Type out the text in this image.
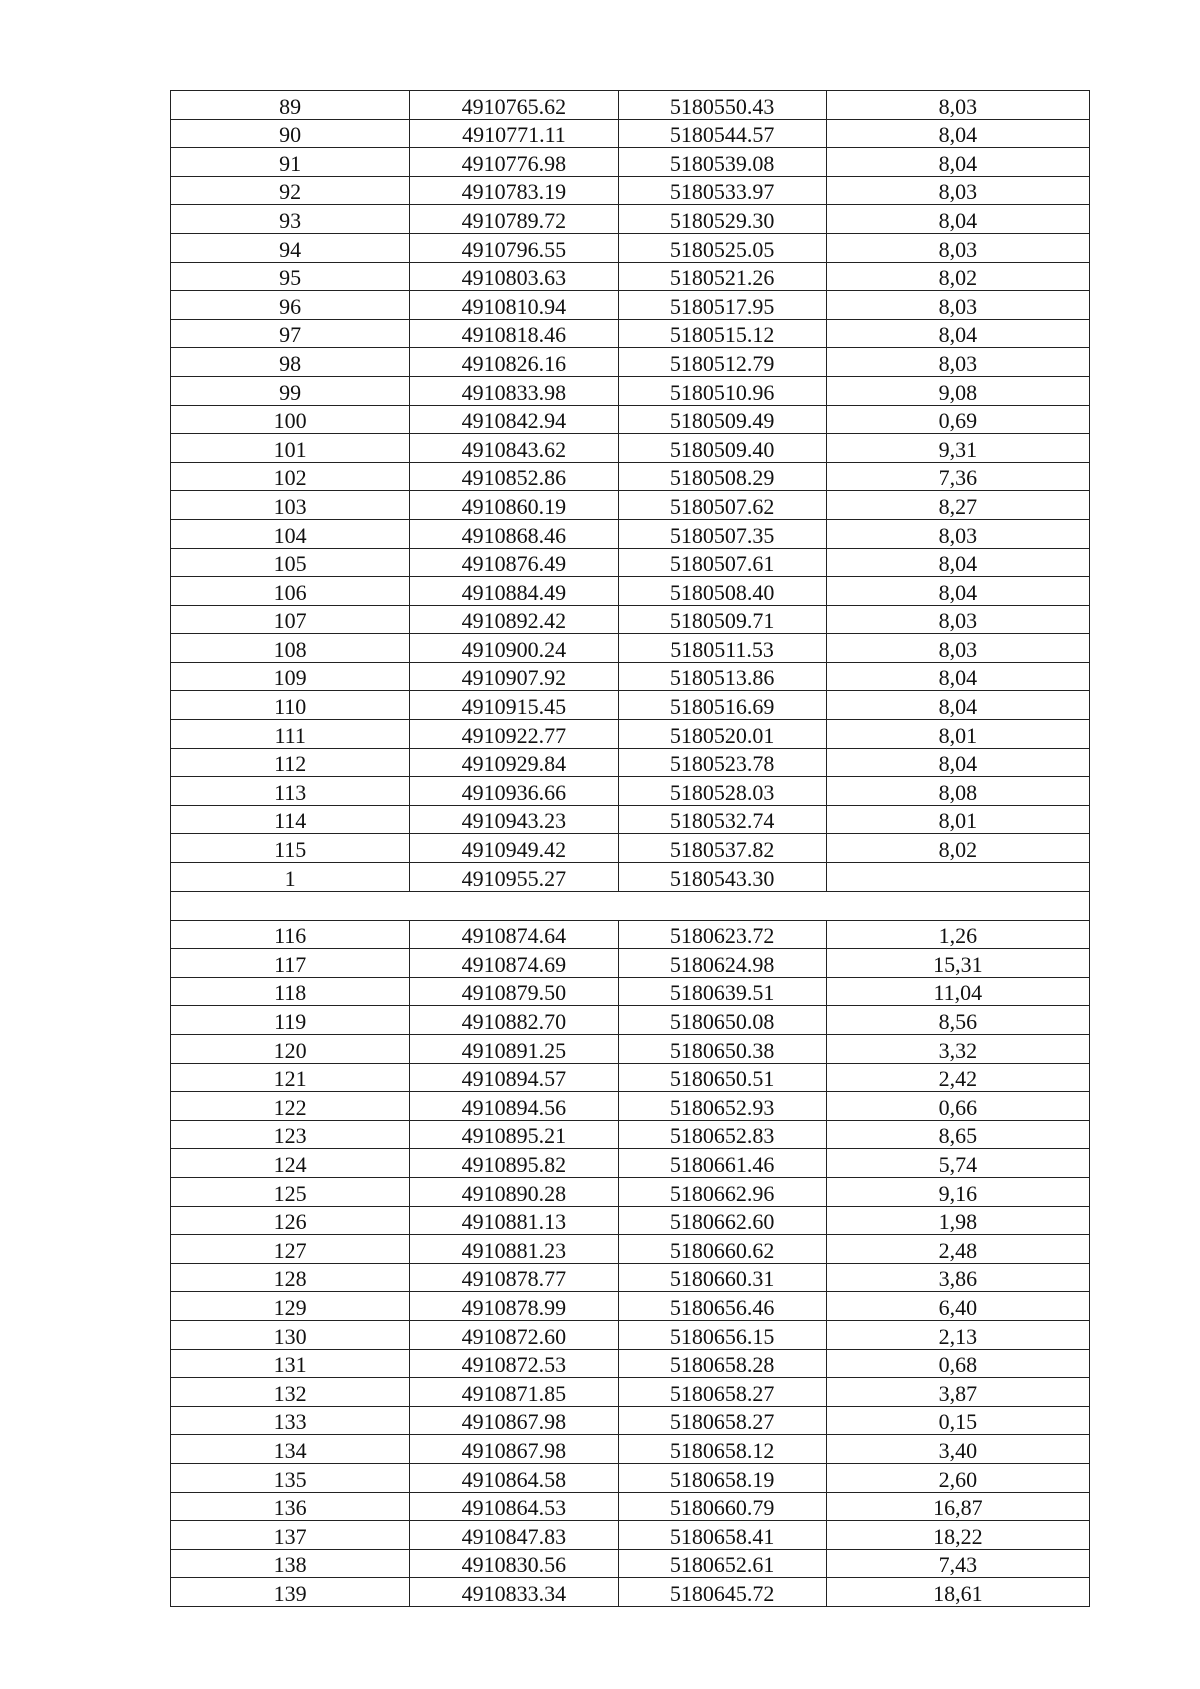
89	4910765.62	5180550.43	8,03
90	4910771.11	5180544.57	8,04
91	4910776.98	5180539.08	8,04
92	4910783.19	5180533.97	8,03
93	4910789.72	5180529.30	8,04
94	4910796.55	5180525.05	8,03
95	4910803.63	5180521.26	8,02
96	4910810.94	5180517.95	8,03
97	4910818.46	5180515.12	8,04
98	4910826.16	5180512.79	8,03
99	4910833.98	5180510.96	9,08
100	4910842.94	5180509.49	0,69
101	4910843.62	5180509.40	9,31
102	4910852.86	5180508.29	7,36
103	4910860.19	5180507.62	8,27
104	4910868.46	5180507.35	8,03
105	4910876.49	5180507.61	8,04
106	4910884.49	5180508.40	8,04
107	4910892.42	5180509.71	8,03
108	4910900.24	5180511.53	8,03
109	4910907.92	5180513.86	8,04
110	4910915.45	5180516.69	8,04
111	4910922.77	5180520.01	8,01
112	4910929.84	5180523.78	8,04
113	4910936.66	5180528.03	8,08
114	4910943.23	5180532.74	8,01
115	4910949.42	5180537.82	8,02
1	4910955.27	5180543.30	

116	4910874.64	5180623.72	1,26
117	4910874.69	5180624.98	15,31
118	4910879.50	5180639.51	11,04
119	4910882.70	5180650.08	8,56
120	4910891.25	5180650.38	3,32
121	4910894.57	5180650.51	2,42
122	4910894.56	5180652.93	0,66
123	4910895.21	5180652.83	8,65
124	4910895.82	5180661.46	5,74
125	4910890.28	5180662.96	9,16
126	4910881.13	5180662.60	1,98
127	4910881.23	5180660.62	2,48
128	4910878.77	5180660.31	3,86
129	4910878.99	5180656.46	6,40
130	4910872.60	5180656.15	2,13
131	4910872.53	5180658.28	0,68
132	4910871.85	5180658.27	3,87
133	4910867.98	5180658.27	0,15
134	4910867.98	5180658.12	3,40
135	4910864.58	5180658.19	2,60
136	4910864.53	5180660.79	16,87
137	4910847.83	5180658.41	18,22
138	4910830.56	5180652.61	7,43
139	4910833.34	5180645.72	18,61
